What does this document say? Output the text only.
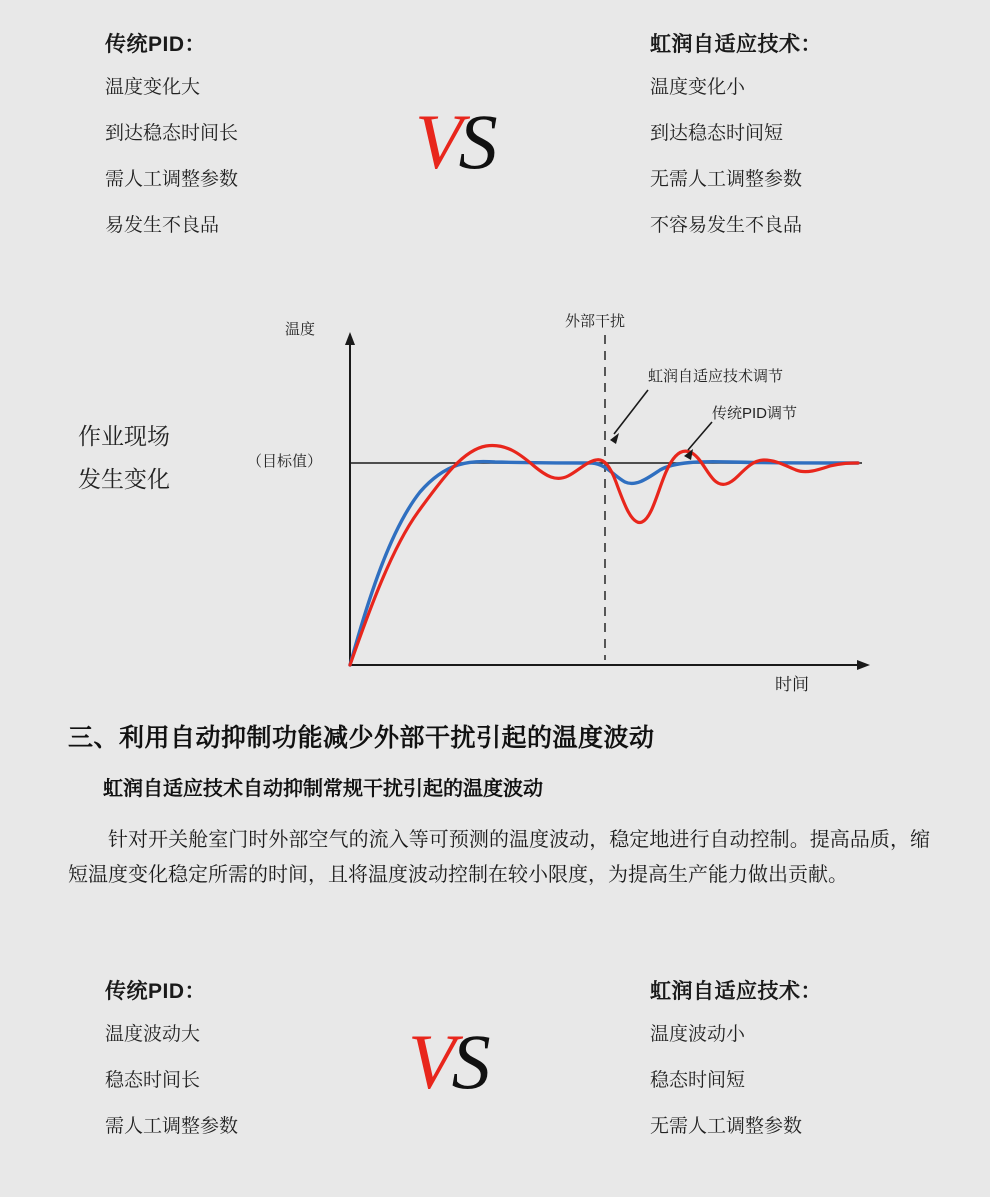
传统PID：
温度变化大
到达稳态时间长
需人工调整参数
易发生不良品
虹润自适应技术：
温度变化小
到达稳态时间短
无需人工调整参数
不容易发生不良品
VS
作业现场
发生变化
温度
时间
（目标值）
外部干扰
虹润自适应技术调节
传统PID调节
三、利用自动抑制功能减少外部干扰引起的温度波动
虹润自适应技术自动抑制常规干扰引起的温度波动
针对开关舱室门时外部空气的流入等可预测的温度波动，稳定地进行自动控制。提高品质，缩短温度变化稳定所需的时间，且将温度波动控制在较小限度，为提高生产能力做出贡献。
传统PID：
温度波动大
稳态时间长
需人工调整参数
虹润自适应技术：
温度波动小
稳态时间短
无需人工调整参数
VS
